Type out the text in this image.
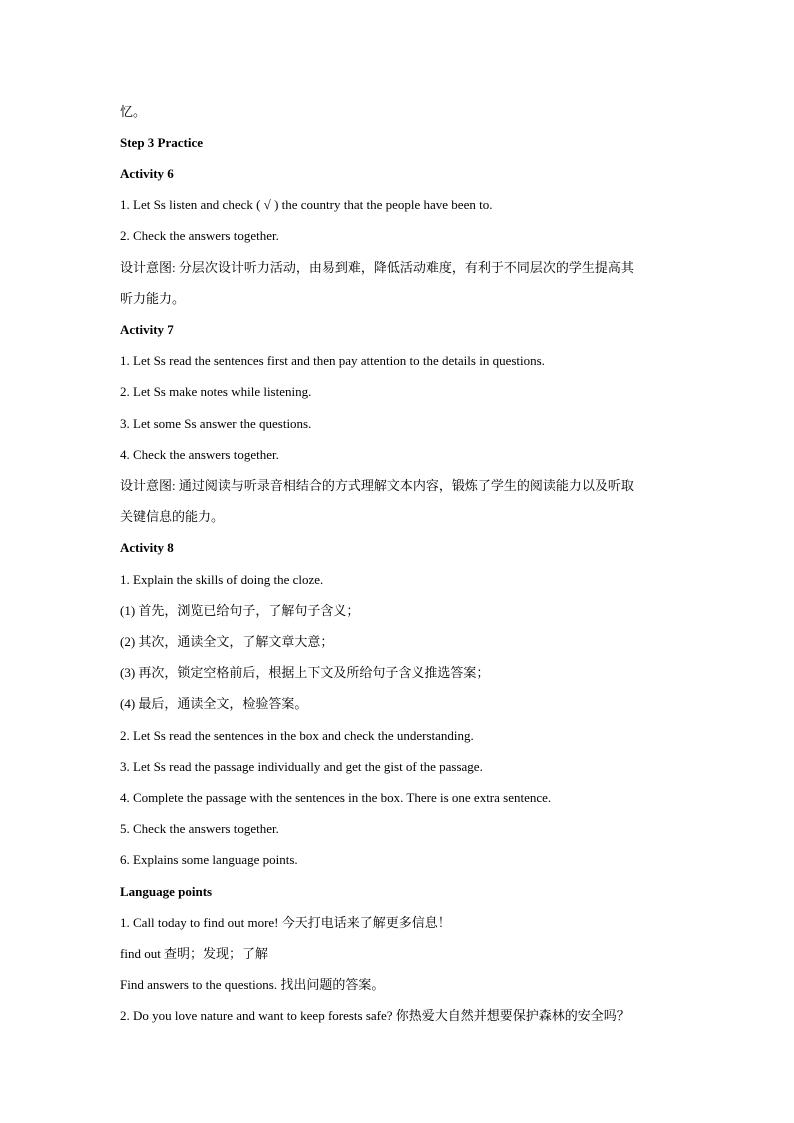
忆。
Step 3 Practice
Activity 6
1. Let Ss listen and check ( √ ) the country that the people have been to.
2. Check the answers together.
设计意图: 分层次设计听力活动，由易到难，降低活动难度，有利于不同层次的学生提高其
听力能力。
Activity 7
1. Let Ss read the sentences first and then pay attention to the details in questions.
2. Let Ss make notes while listening.
3. Let some Ss answer the questions.
4. Check the answers together.
设计意图: 通过阅读与听录音相结合的方式理解文本内容，锻炼了学生的阅读能力以及听取
关键信息的能力。
Activity 8
1. Explain the skills of doing the cloze.
(1) 首先，浏览已给句子，了解句子含义；
(2) 其次，通读全文，了解文章大意；
(3) 再次，锁定空格前后，根据上下文及所给句子含义推选答案；
(4) 最后，通读全文，检验答案。
2. Let Ss read the sentences in the box and check the understanding.
3. Let Ss read the passage individually and get the gist of the passage.
4. Complete the passage with the sentences in the box. There is one extra sentence.
5. Check the answers together.
6. Explains some language points.
Language points
1. Call today to find out more! 今天打电话来了解更多信息！
find out 查明；发现；了解
Find answers to the questions. 找出问题的答案。
2. Do you love nature and want to keep forests safe? 你热爱大自然并想要保护森林的安全吗？
